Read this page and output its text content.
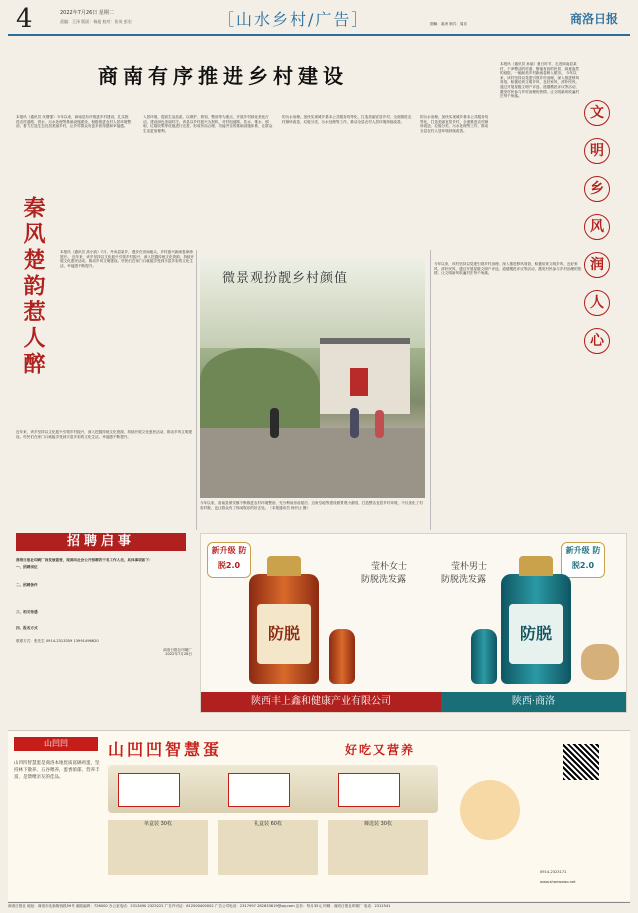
4	2022年7月26日 星期二
责编：王泽 版面：杨旭 校对：张英 彭宏	［山水乡村/广告］	图解：姜涛 制式：周乐	商洛日报
商南有序推进乡村建设
本报讯（通讯员 代增强）今年以来，商南县有序推进乡村建设，扎实推进农村道路、供水、污水处理等基础设施建设，积极推进农村人居环境整治，着力打造生态宜居美丽乡村，让乡村群众有更多获得感和幸福感。
入居环境，提高生活品质。以保护、规划、整治等为重点，开展乡村绿化美化行动，建设绿色美丽村庄。该县以乡村振兴为契机，对村组道路、饮水、排水、照明、垃圾收集等设施进行完善，形成布局合理、功能齐全的基础设施体系，让群众生活更加便利。
的污水治理。加快实现城乡基本公共服务均等化，打造美丽宜居乡村，全面推进农村厕所改造、垃圾分类、污水处理等工作，推动全县农村人居环境持续改善。
的污水治理。加快实现城乡基本公共服务均等化，打造美丽宜居乡村，全面推进农村厕所改造、垃圾分类、污水处理等工作，推动全县农村人居环境持续改善。
本报讯（通讯员 孙丽）夏日时节，走进商南县某村，干净整洁的村道、错落有致的民居、绿意盎然的庭院，一幅和美乡村新画卷映入眼帘。 今年以来，该村坚持以党建引领乡村治理，深入推进移风易俗，积极培育文明乡风、良好家风、淳朴民风，通过开展星级文明户评选、道德模范评议等活动，激发村民参与乡村治理的热情，让文明新风吹遍村庄每个角落。
今年以来，该村坚持以党建引领乡村治理，深入推进移风易俗，积极培育文明乡风、良好家风、淳朴民风，通过开展星级文明户评选、道德模范评议等活动，激发村民参与乡村治理的热情，让文明新风吹遍村庄每个角落。
文
明
乡
风
润
人
心
秦风楚韵惹人醉	本报讯（通讯员 高小凯）7月，丹凤县某乡，漫步在田间地头，乡村振兴新画卷徐徐展开。 近年来，该乡坚持以文化振兴引领乡村振兴，深入挖掘传统文化资源，持续开展文化惠民活动，推动乡风文明建设。村民们在家门口就能享受到丰富多彩的文化生活，幸福感不断提升。
近年来，该乡坚持以文化振兴引领乡村振兴，深入挖掘传统文化资源，持续开展文化惠民活动，推动乡风文明建设。村民们在家门口就能享受到丰富多彩的文化生活，幸福感不断提升。
微景观扮靓乡村颜值
今年以来，洛南县保安镇不断推进农村环境整治，充分利用房前屋后、边角空地等建设微景观小游园，打造整洁宜居乡村环境，不仅美化了村容村貌，也让群众有了休闲娱乐的好去处。（本报通讯员 杨开让 摄）
招聘启事
商洛日报社印刷厂因发展需要，现面向社会公开招聘若干名工作人员，具体事项如下：
一、招聘岗位
二、招聘条件
三、相关待遇
四、报名方式
联系方式：张先生 0914-2313359 13991496620
商洛日报社印刷厂
2022年7月26日
新升级 防脱2.0
新升级 防脱2.0
防脱
莹朴女士
防脱洗发露
莹朴男士
防脱洗发露
防脱
陕西丰上鑫和健康产业有限公司	陕西·商洛
山凹凹	山凹凹智慧蛋	好吃又营养
山凹凹智慧蛋是商洛本地优质富硒鸡蛋，坚持林下散养、五谷喂养，蛋香浓郁，营养丰富，是馈赠亲友的佳品。
单盒装 30枚	礼盒装 60枚	臻选装 30枚
0914-2323171
www.shanwowo.net
商洛日报社 地址：商洛市北新街西段59号 邮政编码：726000 办公室电话：2313490 2325222 广告许可证：612500400002 广告公司电话：2317997 282833619@qq.com 定价：每月35元 印刷：商洛日报社印刷厂 电话：2312541
